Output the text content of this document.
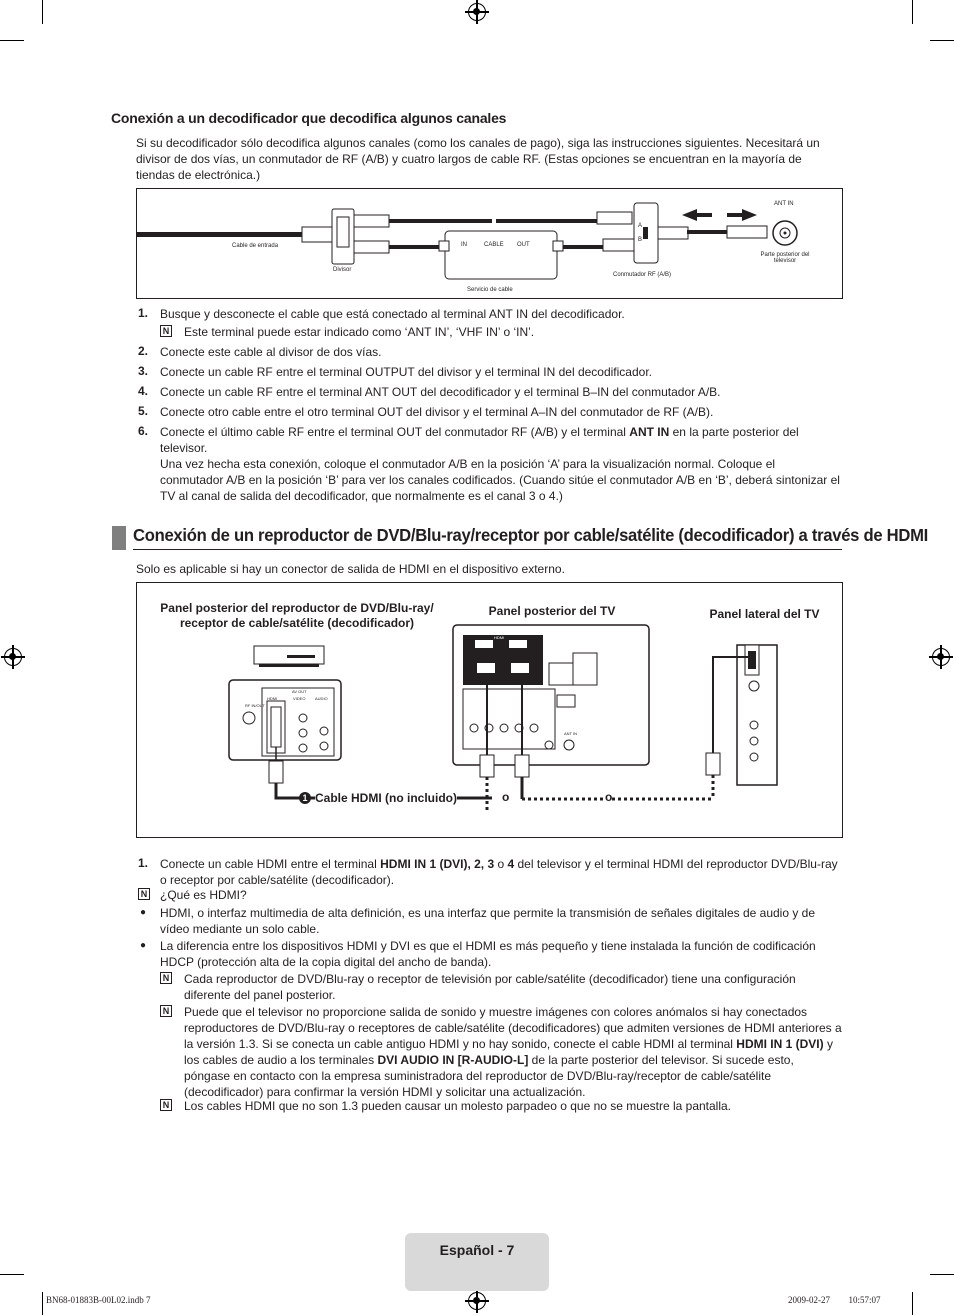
Conexión a un decodificador que decodifica algunos canales
Si su decodificador sólo decodifica algunos canales (como los canales de pago), siga las instrucciones siguientes. Necesitará un divisor de dos vías, un conmutador de RF (A/B) y cuatro largos de cable RF. (Estas opciones se encuentran en la mayoría de tiendas de electrónica.)
Cable de entrada
Divisor
IN	CABLE OUT
Servicio de cable
A
B
Conmutador RF (A/B)
ANT IN
Parte posterior del televisor
1. Busque y desconecte el cable que está conectado al terminal ANT IN del decodificador.
N Este terminal puede estar indicado como ‘ANT IN’, ‘VHF IN’ o ‘IN’.
2. Conecte este cable al divisor de dos vías.
3. Conecte un cable RF entre el terminal OUTPUT del divisor y el terminal IN del decodificador.
4. Conecte un cable RF entre el terminal ANT OUT del decodificador y el terminal B–IN del conmutador A/B.
5. Conecte otro cable entre el otro terminal OUT del divisor y el terminal A–IN del conmutador de RF (A/B).
6. Conecte el último cable RF entre el terminal OUT del conmutador RF (A/B) y el terminal ANT IN en la parte posterior del televisor.
Una vez hecha esta conexión, coloque el conmutador A/B en la posición ‘A’ para la visualización normal. Coloque el conmutador A/B en la posición ‘B’ para ver los canales codificados. (Cuando sitúe el conmutador A/B en ‘B’, deberá sintonizar el TV al canal de salida del decodificador, que normalmente es el canal 3 o 4.)
Conexión de un reproductor de DVD/Blu-ray/receptor por cable/satélite (decodificador) a través de HDMI
Solo es aplicable si hay un conector de salida de HDMI en el dispositivo externo.
Panel posterior del reproductor de DVD/Blu-ray/ receptor de cable/satélite (decodificador)
Panel posterior del TV	Panel lateral del TV
1 Cable HDMI (no incluido)	o	o
RF IN/OUT
AV OUT
HDMI	VIDEO AUDIO
ANT IN
HDMI
1. Conecte un cable HDMI entre el terminal HDMI IN 1 (DVI), 2, 3 o 4 del televisor y el terminal HDMI del reproductor DVD/Blu-ray o receptor por cable/satélite (decodificador).
N ¿Qué es HDMI?
● HDMI, o interfaz multimedia de alta definición, es una interfaz que permite la transmisión de señales digitales de audio y de vídeo mediante un solo cable.
● La diferencia entre los dispositivos HDMI y DVI es que el HDMI es más pequeño y tiene instalada la función de codificación HDCP (protección alta de la copia digital del ancho de banda).
N Cada reproductor de DVD/Blu-ray o receptor de televisión por cable/satélite (decodificador) tiene una configuración diferente del panel posterior.
N Puede que el televisor no proporcione salida de sonido y muestre imágenes con colores anómalos si hay conectados reproductores de DVD/Blu-ray o receptores de cable/satélite (decodificadores) que admiten versiones de HDMI anteriores a la versión 1.3. Si se conecta un cable antiguo HDMI y no hay sonido, conecte el cable HDMI al terminal HDMI IN 1 (DVI) y los cables de audio a los terminales DVI AUDIO IN [R-AUDIO-L] de la parte posterior del televisor. Si sucede esto, póngase en contacto con la empresa suministradora del reproductor de DVD/Blu-ray/receptor de cable/satélite (decodificador) para confirmar la versión HDMI y solicitar una actualización.
N Los cables HDMI que no son 1.3 pueden causar un molesto parpadeo o que no se muestre la pantalla.
Español - 7
BN68-01883B-00L02.indb 7	2009-02-27 ￿￿ 10:57:07
